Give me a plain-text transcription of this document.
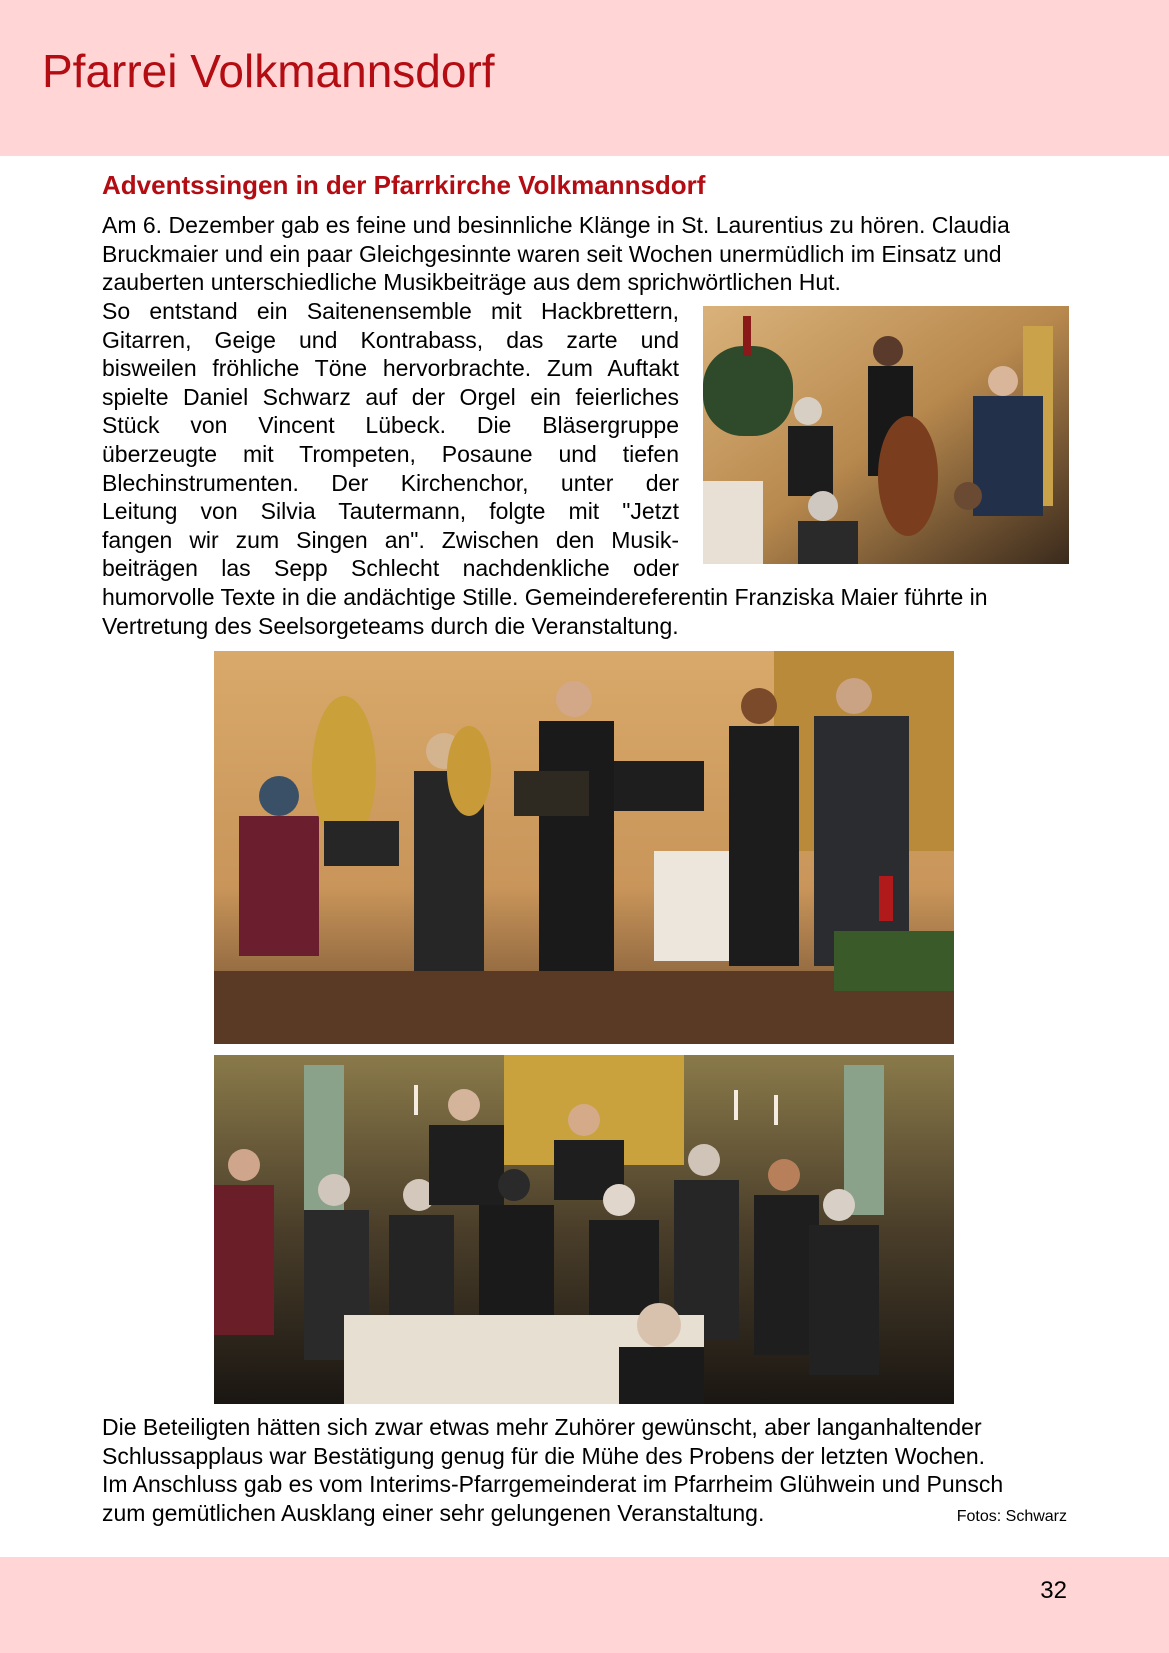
Pfarrei Volkmannsdorf
Adventssingen in der Pfarrkirche Volkmannsdorf

Am 6. Dezember gab es feine und besinnliche Klänge in St. Laurentius zu hören. Claudia
Bruckmaier und ein paar Gleichgesinnte waren seit Wochen unermüdlich im Einsatz und
zauberten unterschiedliche Musikbeiträge aus dem sprichwörtlichen Hut.

So entstand ein Saitenensemble mit Hackbrettern,
Gitarren, Geige und Kontrabass, das zarte und
bisweilen fröhliche Töne hervorbrachte. Zum Auftakt
spielte Daniel Schwarz auf der Orgel ein feierliches
Stück von Vincent Lübeck. Die Bläsergruppe
überzeugte mit Trompeten, Posaune und tiefen
Blechinstrumenten. Der Kirchenchor, unter der
Leitung von Silvia Tautermann, folgte mit "Jetzt
fangen wir zum Singen an". Zwischen den Musik-
beiträgen las Sepp Schlecht nachdenkliche oder

humorvolle Texte in die andächtige Stille. Gemeindereferentin Franziska Maier führte in
Vertretung des Seelsorgeteams durch die Veranstaltung.

Die Beteiligten hätten sich zwar etwas mehr Zuhörer gewünscht, aber langanhaltender
Schlussapplaus war Bestätigung genug für die Mühe des Probens der letzten Wochen.
Im Anschluss gab es vom Interims-Pfarrgemeinderat im Pfarrheim Glühwein und Punsch
zum gemütlichen Ausklang einer sehr gelungenen Veranstaltung.	Fotos: Schwarz
32
